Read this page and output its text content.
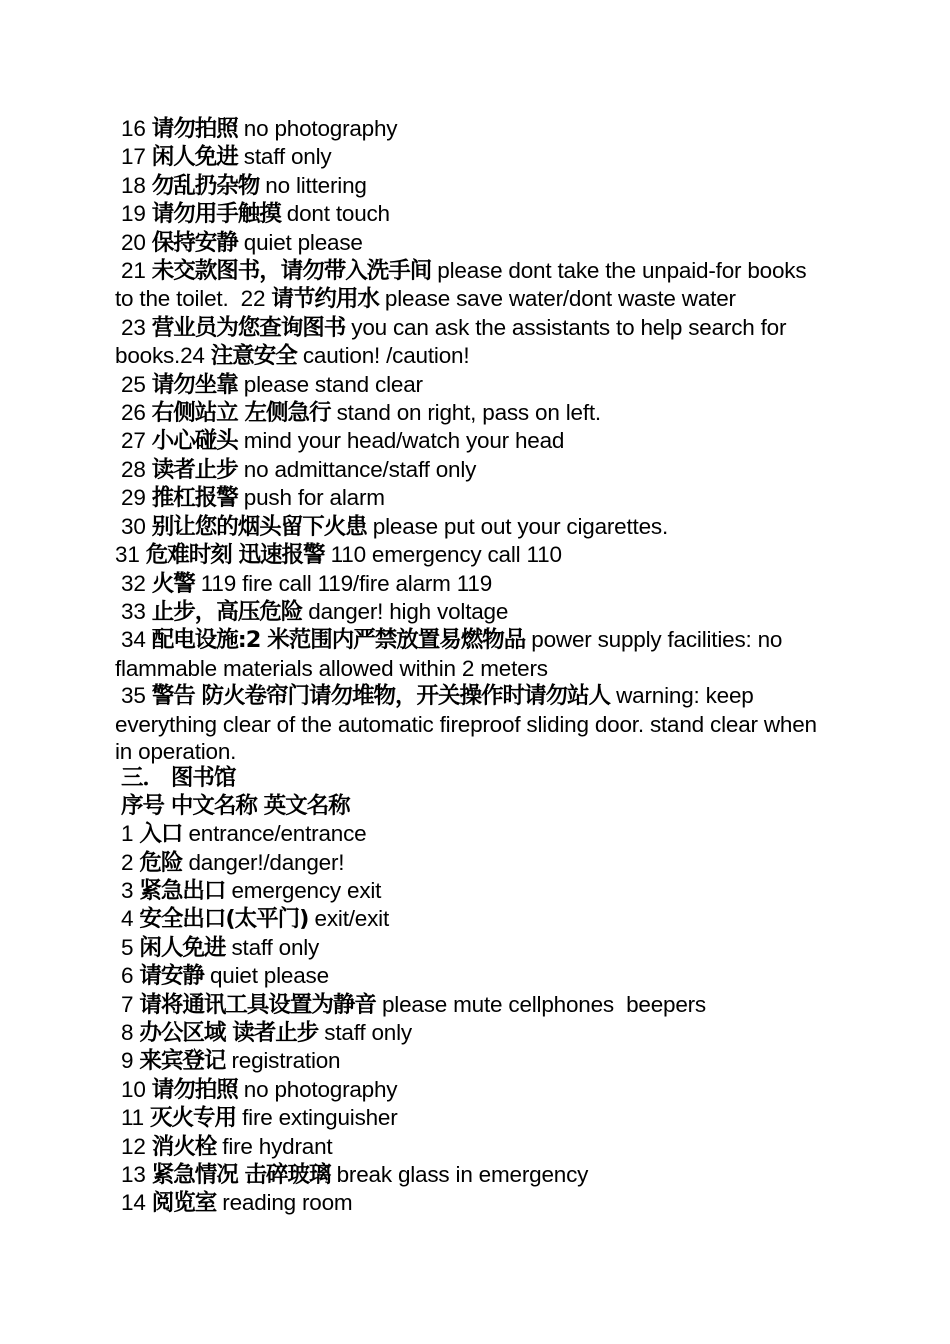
16 请勿拍照 no photography
17 闲人免进 staff only
18 勿乱扔杂物 no littering
19 请勿用手触摸 dont touch
20 保持安静 quiet please
21 未交款图书，请勿带入洗手间 please dont take the unpaid-for books to the toilet. 22 请节约用水 please save water/dont waste water
23 营业员为您查询图书 you can ask the assistants to help search for books.24 注意安全 caution! /caution!
25 请勿坐靠 please stand clear
26 右侧站立 左侧急行 stand on right, pass on left.
27 小心碰头 mind your head/watch your head
28 读者止步 no admittance/staff only
29 推杠报警 push for alarm
30 别让您的烟头留下火患 please put out your cigarettes.
31 危难时刻 迅速报警 110 emergency call 110
32 火警 119 fire call 119/fire alarm 119
33 止步，高压危险 danger! high voltage
34 配电设施:2 米范围内严禁放置易燃物品 power supply facilities: no flammable materials allowed within 2 meters
35 警告 防火卷帘门请勿堆物，开关操作时请勿站人 warning: keep everything clear of the automatic fireproof sliding door. stand clear when in operation.
三． 图书馆
序号 中文名称 英文名称
1 入口 entrance/entrance
2 危险 danger!/danger!
3 紧急出口 emergency exit
4 安全出口(太平门) exit/exit
5 闲人免进 staff only
6 请安静 quiet please
7 请将通讯工具设置为静音 please mute cellphones  beepers
8 办公区域 读者止步 staff only
9 来宾登记 registration
10 请勿拍照 no photography
11 灭火专用 fire extinguisher
12 消火栓 fire hydrant
13 紧急情况 击碎玻璃 break glass in emergency
14 阅览室 reading room
